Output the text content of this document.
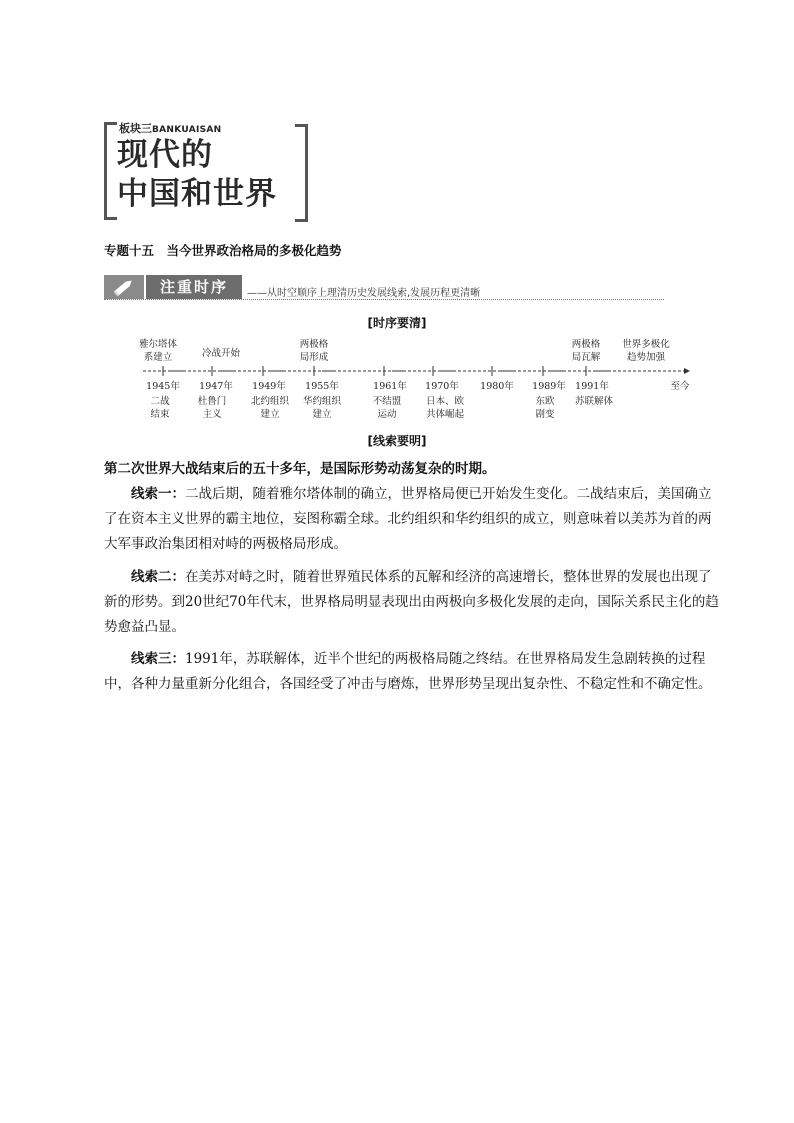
板块三BANKUAISAN
现代的
中国和世界
专题十五　当今世界政治格局的多极化趋势
注重时序	——从时空顺序上理清历史发展线索,发展历程更清晰
[时序要清]
1945年 1947年 1949年 1955年	1961年 1970年 1980年 1989年 1991年	至今
雅尔塔体
系建立	冷战开始
两极格
局形成
两极格
局瓦解
世界多极化
趋势加强
二战
结束
杜鲁门
主义
北约组织
建立
华约组织
建立
不结盟
运动
日本、欧
共体崛起
东欧
剧变
苏联解体
[线索要明]
第二次世界大战结束后的五十多年，是国际形势动荡复杂的时期。
线索一：二战后期，随着雅尔塔体制的确立，世界格局便已开始发生变化。二战结束后，美国确立了在资本主义世界的霸主地位，妄图称霸全球。北约组织和华约组织的成立，则意味着以美苏为首的两大军事政治集团相对峙的两极格局形成。
线索二：在美苏对峙之时，随着世界殖民体系的瓦解和经济的高速增长，整体世界的发展也出现了新的形势。到20世纪70年代末，世界格局明显表现出由两极向多极化发展的走向，国际关系民主化的趋势愈益凸显。
线索三：1991年，苏联解体，近半个世纪的两极格局随之终结。在世界格局发生急剧转换的过程中，各种力量重新分化组合，各国经受了冲击与磨炼，世界形势呈现出复杂性、不稳定性和不确定性。
